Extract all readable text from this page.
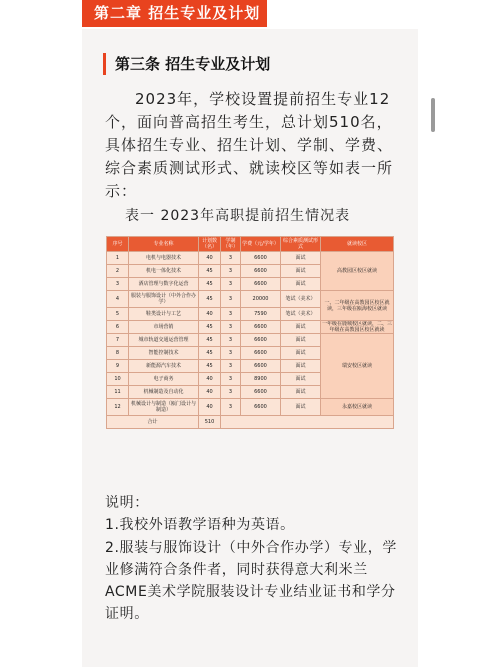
第二章 招生专业及计划
第三条 招生专业及计划

2023年，学校设置提前招生专业12个，面向普高招生考生，总计划510名，具体招生专业、招生计划、学制、学费、综合素质测试形式、就读校区等如表一所示：

表一 2023年高职提前招生情况表
序号	专业名称	计划数（名）	学制（年）	学费（元/学年）	综合素质测试形式	就读校区
1	电机与电器技术	40	3	6600	面试	高教园区校区就读
2	机电一体化技术	45	3	6600	面试	
3	酒店管理与数字化运营	45	3	6600	面试	
4	服装与服饰设计（中外合作办学）	45	3	20000	笔试（美术）	一、二年级在高教园区校区就读，三年级在瓯海校区就读
5	鞋类设计与工艺	40	3	7590	笔试（美术）	
6	市场营销	45	3	6600	面试	一年级在鹿城校区就读，二、三年级在高教园区校区就读
7	城市轨道交通运营管理	45	3	6600	面试	瑞安校区就读
8	智能控制技术	45	3	6600	面试	
9	新能源汽车技术	45	3	6600	面试	
10	电子商务	40	3	8900	面试	
11	机械制造及自动化	40	3	6600	面试	
12	机械设计与制造（瓯门设计与制造）	40	3	6600	面试	永嘉校区就读
合计		510				
说明：
1.我校外语教学语种为英语。
2.服装与服饰设计（中外合作办学）专业，学业修满符合条件者，同时获得意大利米兰ACME美术学院服装设计专业结业证书和学分证明。
